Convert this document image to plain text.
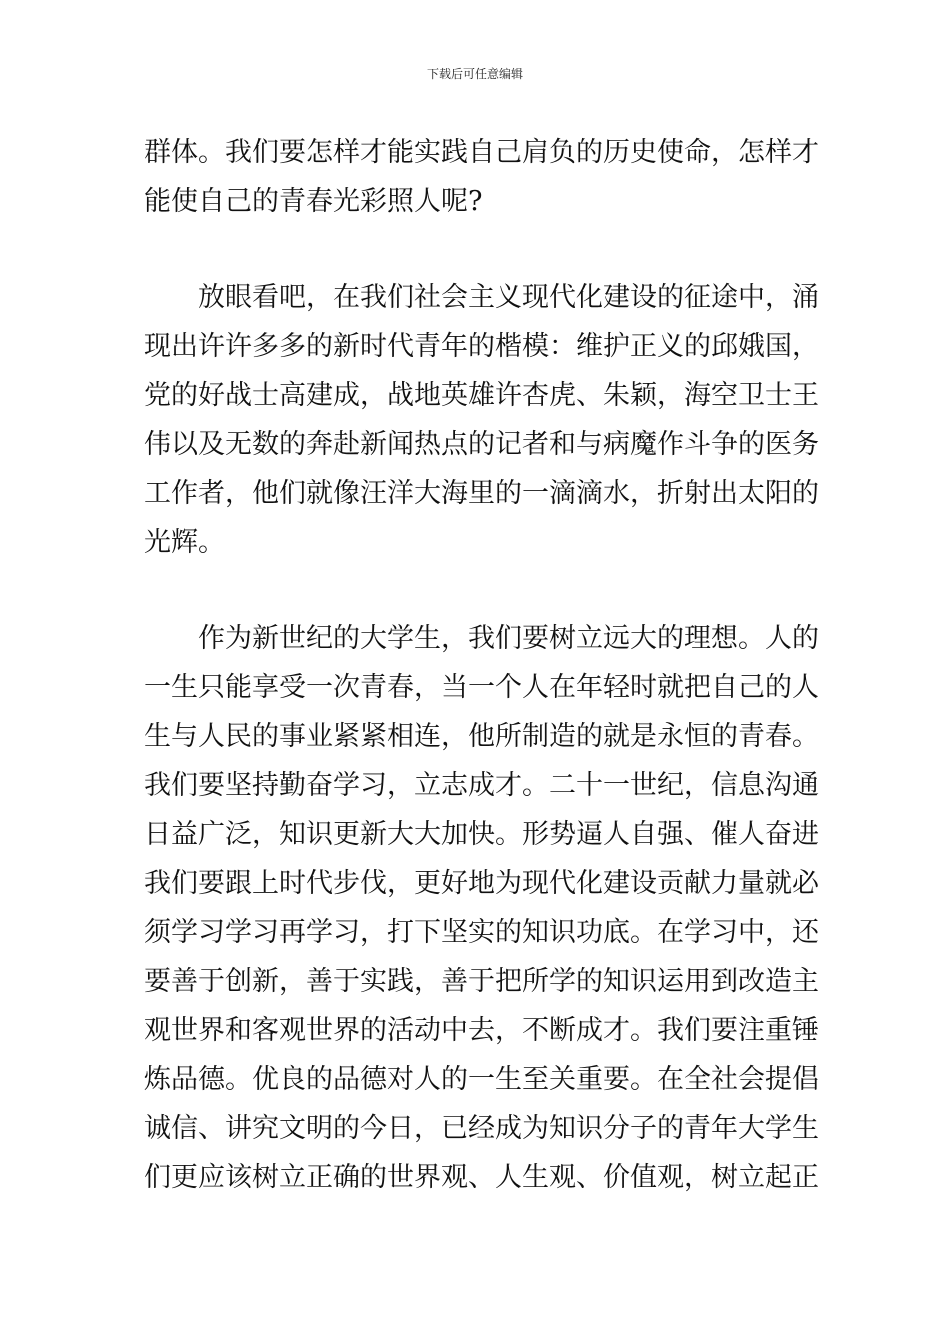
下载后可任意编辑
群体。我们要怎样才能实践自己肩负的历史使命，怎样才
能使自己的青春光彩照人呢?
放眼看吧，在我们社会主义现代化建设的征途中，涌
现出许许多多的新时代青年的楷模：维护正义的邱娥国，
党的好战士高建成，战地英雄许杏虎、朱颖，海空卫士王
伟以及无数的奔赴新闻热点的记者和与病魔作斗争的医务
工作者，他们就像汪洋大海里的一滴滴水，折射出太阳的
光辉。
作为新世纪的大学生，我们要树立远大的理想。人的
一生只能享受一次青春，当一个人在年轻时就把自己的人
生与人民的事业紧紧相连，他所制造的就是永恒的青春。
我们要坚持勤奋学习，立志成才。二十一世纪，信息沟通
日益广泛，知识更新大大加快。形势逼人自强、催人奋进
我们要跟上时代步伐，更好地为现代化建设贡献力量就必
须学习学习再学习，打下坚实的知识功底。在学习中，还
要善于创新，善于实践，善于把所学的知识运用到改造主
观世界和客观世界的活动中去，不断成才。我们要注重锤
炼品德。优良的品德对人的一生至关重要。在全社会提倡
诚信、讲究文明的今日，已经成为知识分子的青年大学生
们更应该树立正确的世界观、人生观、价值观，树立起正
